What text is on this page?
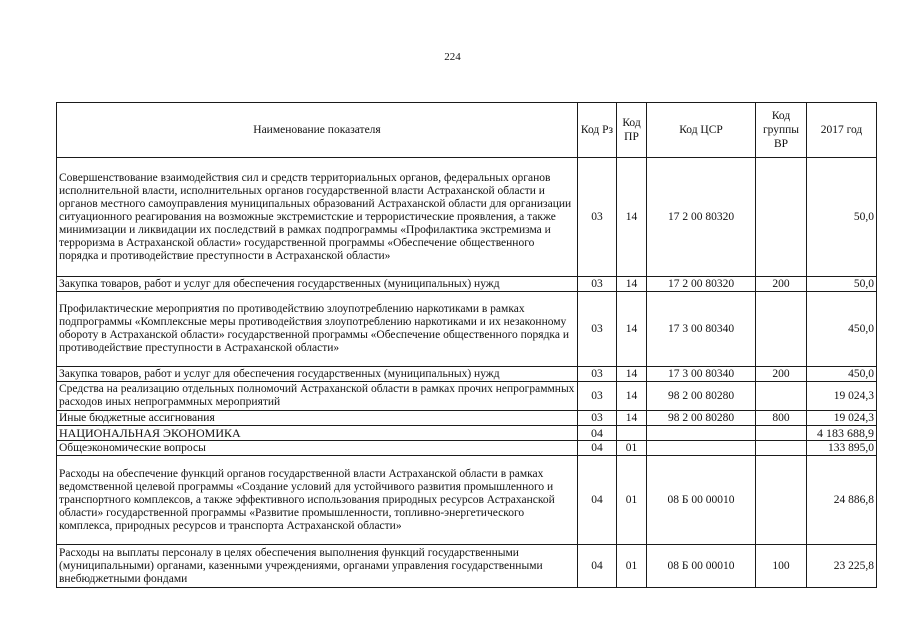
224
Наименование показателя	Код Рз	Код ПР	Код ЦСР	Код группы ВР	2017 год
Совершенствование взаимодействия сил и средств территориальных органов, федеральных органов исполнительной власти, исполнительных органов государственной власти Астраханской области и органов местного самоуправления муниципальных образований Астраханской области для организации ситуационного реагирования на возможные экстремистские и террористические проявления, а также минимизации и ликвидации их последствий в рамках подпрограммы «Профилактика экстремизма и терроризма в Астраханской области» государственной программы «Обеспечение общественного порядка и противодействие преступности в Астраханской области»	03	14	17 2 00 80320		50,0
Закупка товаров, работ и услуг для обеспечения государственных (муниципальных) нужд	03	14	17 2 00 80320	200	50,0
Профилактические мероприятия по противодействию злоупотреблению наркотиками в рамках подпрограммы «Комплексные меры противодействия злоупотреблению наркотиками и их незаконному обороту в Астраханской области» государственной программы «Обеспечение общественного порядка и противодействие преступности в Астраханской области»	03	14	17 3 00 80340		450,0
Закупка товаров, работ и услуг для обеспечения государственных (муниципальных) нужд	03	14	17 3 00 80340	200	450,0
Средства на реализацию отдельных полномочий Астраханской области в рамках прочих непрограммных расходов иных непрограммных мероприятий	03	14	98 2 00 80280		19 024,3
Иные бюджетные ассигнования	03	14	98 2 00 80280	800	19 024,3
НАЦИОНАЛЬНАЯ ЭКОНОМИКА	04				4 183 688,9
Общеэкономические вопросы	04	01			133 895,0
Расходы на обеспечение функций органов государственной власти Астраханской области в рамках ведомственной целевой программы «Создание условий для устойчивого развития промышленного и транспортного комплексов, а также эффективного использования природных ресурсов Астраханской области» государственной программы «Развитие промышленности, топливно-энергетического комплекса, природных ресурсов и транспорта Астраханской области»	04	01	08 Б 00 00010		24 886,8
Расходы на выплаты персоналу в целях обеспечения выполнения функций государственными (муниципальными) органами, казенными учреждениями, органами управления государственными внебюджетными фондами	04	01	08 Б 00 00010	100	23 225,8
